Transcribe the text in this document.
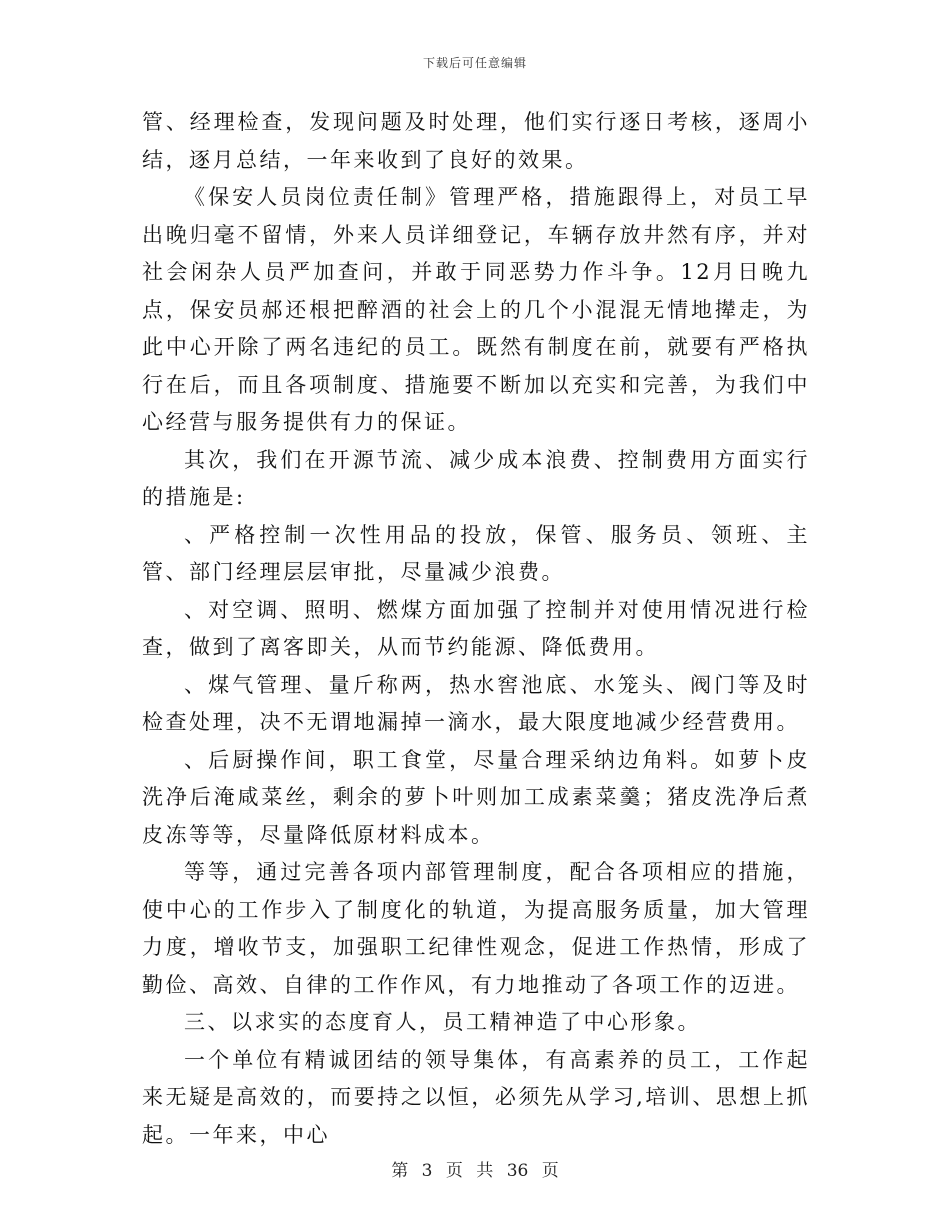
下载后可任意编辑

管、经理检查，发现问题及时处理，他们实行逐日考核，逐周小结，逐月总结，一年来收到了良好的效果。

《保安人员岗位责任制》管理严格，措施跟得上，对员工早出晚归毫不留情，外来人员详细登记，车辆存放井然有序，并对社会闲杂人员严加查问，并敢于同恶势力作斗争。12月日晚九点，保安员郝还根把醉酒的社会上的几个小混混无情地撵走，为此中心开除了两名违纪的员工。既然有制度在前，就要有严格执行在后，而且各项制度、措施要不断加以充实和完善，为我们中心经营与服务提供有力的保证。

其次，我们在开源节流、减少成本浪费、控制费用方面实行的措施是:

、严格控制一次性用品的投放，保管、服务员、领班、主管、部门经理层层审批，尽量减少浪费。

、对空调、照明、燃煤方面加强了控制并对使用情况进行检查，做到了离客即关，从而节约能源、降低费用。

、煤气管理、量斤称两，热水窖池底、水笼头、阀门等及时检查处理，决不无谓地漏掉一滴水，最大限度地减少经营费用。

、后厨操作间，职工食堂，尽量合理采纳边角料。如萝卜皮洗净后淹咸菜丝，剩余的萝卜叶则加工成素菜羹；猪皮洗净后煮皮冻等等，尽量降低原材料成本。

等等，通过完善各项内部管理制度，配合各项相应的措施，使中心的工作步入了制度化的轨道，为提高服务质量，加大管理力度，增收节支，加强职工纪律性观念，促进工作热情，形成了勤俭、高效、自律的工作作风，有力地推动了各项工作的迈进。

三、以求实的态度育人，员工精神造了中心形象。

一个单位有精诚团结的领导集体，有高素养的员工，工作起来无疑是高效的，而要持之以恒，必须先从学习,培训、思想上抓起。一年来，中心

第 3 页 共 36 页
